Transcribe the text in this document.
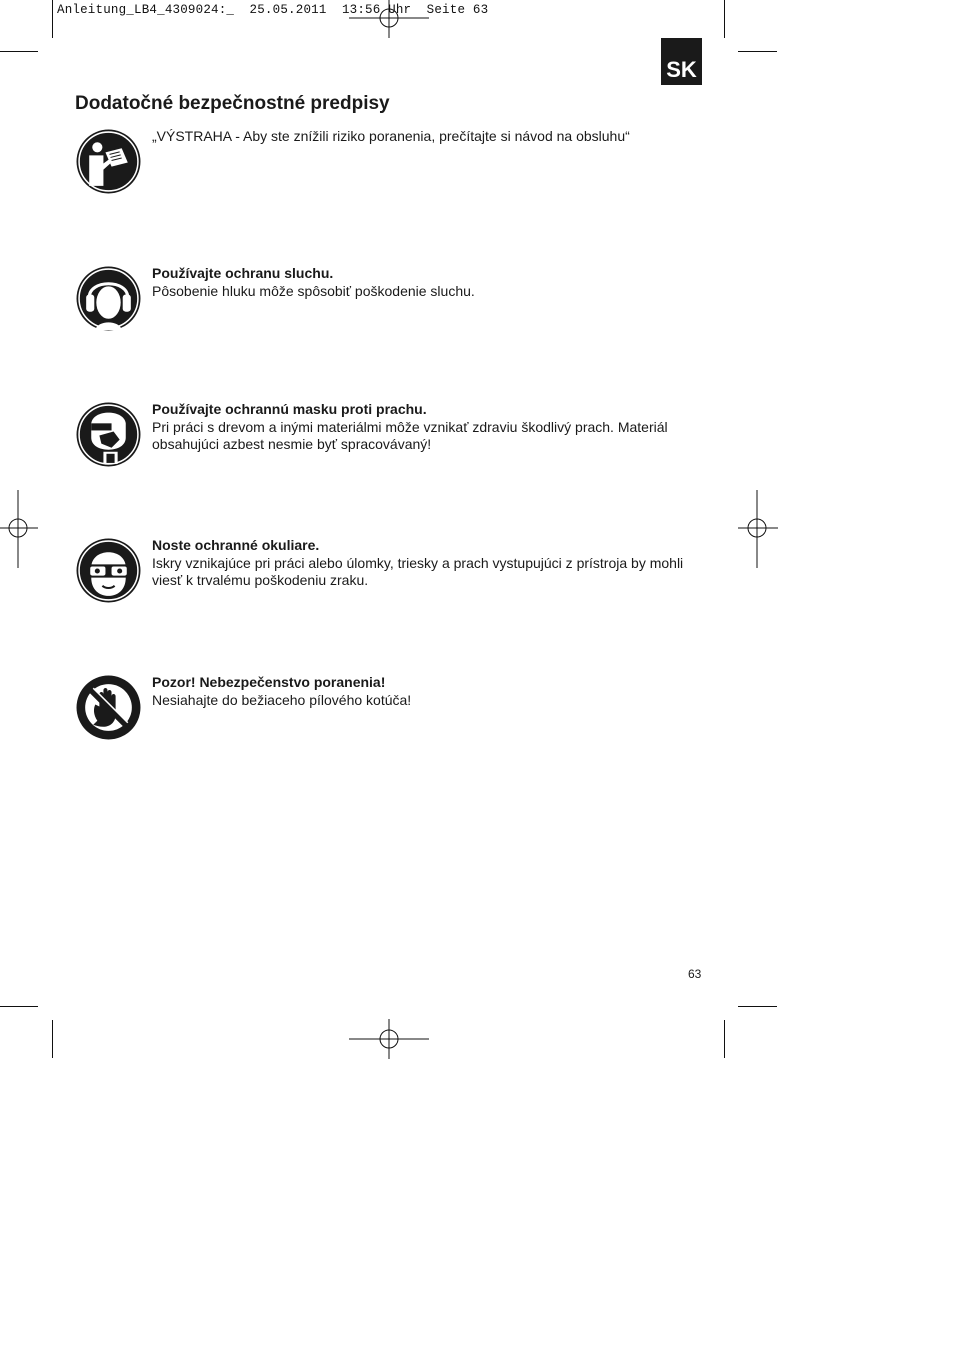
Anleitung_LB4_4309024:_  25.05.2011  13:56 Uhr  Seite 63
SK
Dodatočné bezpečnostné predpisy
„VÝSTRAHA - Aby ste znížili riziko poranenia, prečítajte si návod na obsluhu“
Používajte ochranu sluchu.
Pôsobenie hluku môže spôsobiť poškodenie sluchu.
Používajte ochrannú masku proti prachu.
Pri práci s drevom a inými materiálmi môže vznikať zdraviu škodlivý prach. Materiál obsahujúci azbest nesmie byť spracovávaný!
Noste ochranné okuliare.
Iskry vznikajúce pri práci alebo úlomky, triesky a prach vystupujúci z prístroja by mohli viesť k trvalému poškodeniu zraku.
Pozor! Nebezpečenstvo poranenia!
Nesiahajte do bežiaceho pílového kotúča!
63
